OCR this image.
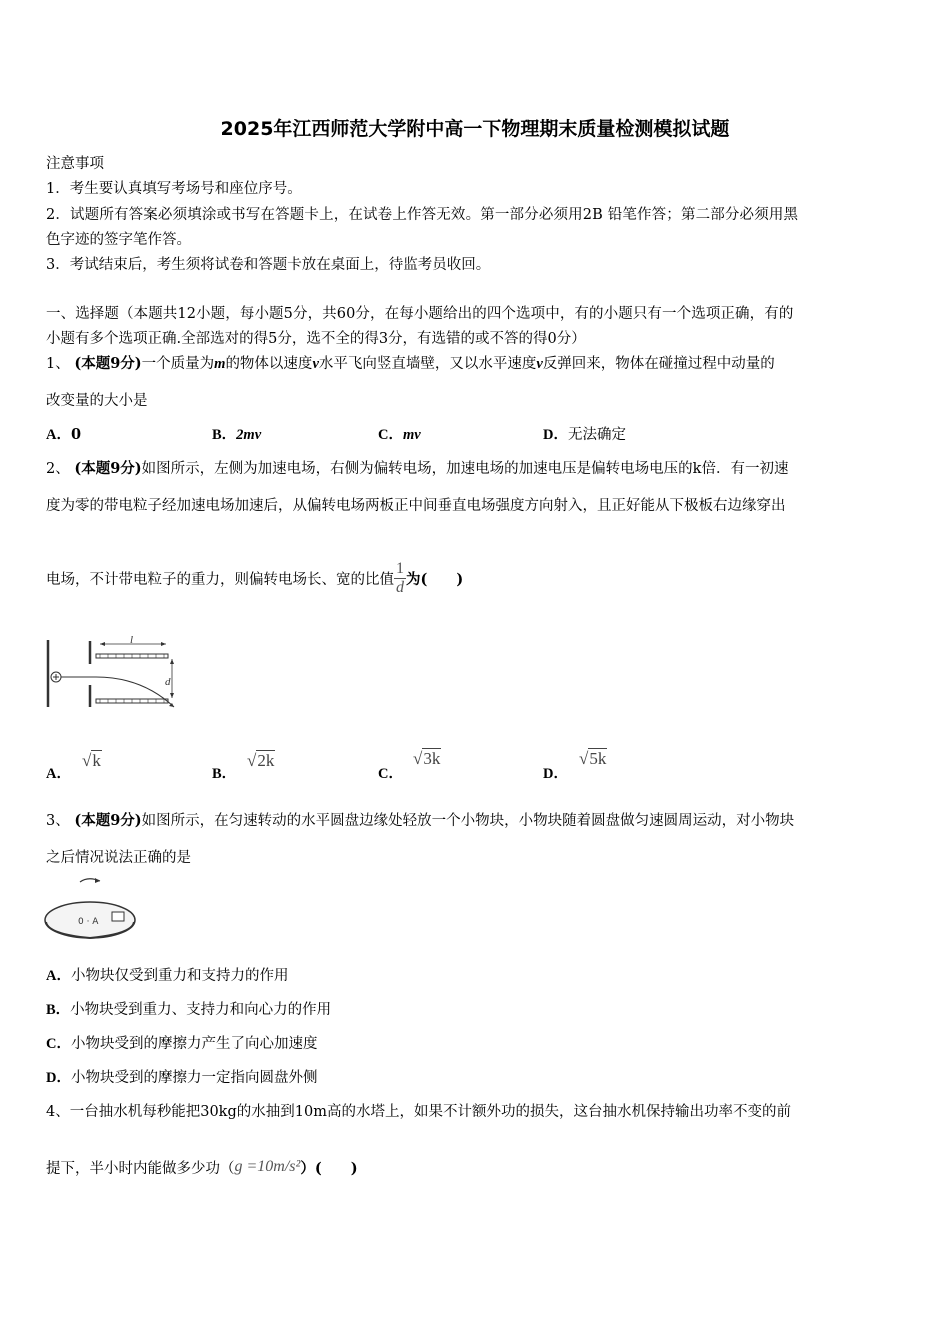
2025年江西师范大学附中高一下物理期末质量检测模拟试题
注意事项
1．考生要认真填写考场号和座位序号。
2．试题所有答案必须填涂或书写在答题卡上，在试卷上作答无效。第一部分必须用2B 铅笔作答；第二部分必须用黑
色字迹的签字笔作答。
3．考试结束后，考生须将试卷和答题卡放在桌面上，待监考员收回。
一、选择题（本题共12小题，每小题5分，共60分，在每小题给出的四个选项中，有的小题只有一个选项正确，有的
小题有多个选项正确.全部选对的得5分，选不全的得3分，有选错的或不答的得0分）
1、 (本题9分)一个质量为m的物体以速度v水平飞向竖直墙壁，又以水平速度v反弹回来，物体在碰撞过程中动量的
改变量的大小是
A．0	B．2mv	C．mv	D．无法确定
2、 (本题9分)如图所示，左侧为加速电场，右侧为偏转电场，加速电场的加速电压是偏转电场电压的k倍．有一初速
度为零的带电粒子经加速电场加速后，从偏转电场两板正中间垂直电场强度方向射入，且正好能从下极板右边缘穿出
电场，不计带电粒子的重力，则偏转电场长、宽的比值 $\frac{1}{d}$ 为(　　)
l
d
A．
√k
B．
√2k
C．
√3k
D．
√5k
3、 (本题9分)如图所示，在匀速转动的水平圆盘边缘处轻放一个小物块，小物块随着圆盘做匀速圆周运动，对小物块
之后情况说法正确的是
0 · A
A．小物块仅受到重力和支持力的作用
B．小物块受到重力、支持力和向心力的作用
C．小物块受到的摩擦力产生了向心加速度
D．小物块受到的摩擦力一定指向圆盘外侧
4、一台抽水机每秒能把30kg的水抽到10m高的水塔上，如果不计额外功的损失，这台抽水机保持输出功率不变的前
提下，半小时内能做多少功（ g =10m/s² ）(　　)
